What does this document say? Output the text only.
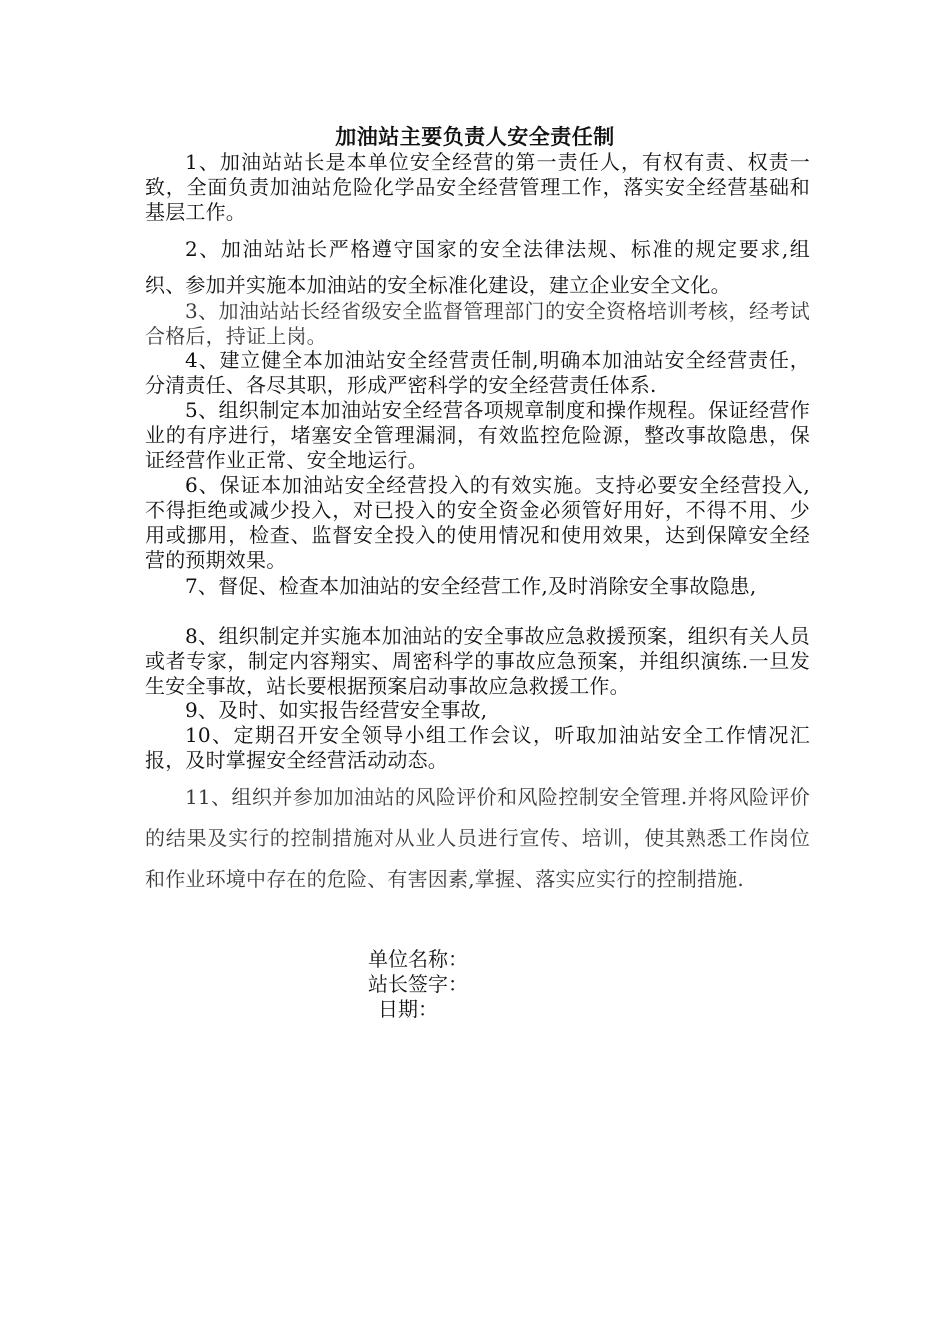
加油站主要负责人安全责任制
1、加油站站长是本单位安全经营的第一责任人，有权有责、权责一致，全面负责加油站危险化学品安全经营管理工作，落实安全经营基础和基层工作。
2、加油站站长严格遵守国家的安全法律法规、标准的规定要求,组织、参加并实施本加油站的安全标准化建设，建立企业安全文化。
3、加油站站长经省级安全监督管理部门的安全资格培训考核，经考试合格后，持证上岗。
4、建立健全本加油站安全经营责任制,明确本加油站安全经营责任，分清责任、各尽其职，形成严密科学的安全经营责任体系.
5、组织制定本加油站安全经营各项规章制度和操作规程。保证经营作业的有序进行，堵塞安全管理漏洞，有效监控危险源，整改事故隐患，保证经营作业正常、安全地运行。
6、保证本加油站安全经营投入的有效实施。支持必要安全经营投入,不得拒绝或减少投入，对已投入的安全资金必须管好用好，不得不用、少用或挪用，检查、监督安全投入的使用情况和使用效果，达到保障安全经营的预期效果。
7、督促、检查本加油站的安全经营工作,及时消除安全事故隐患,
8、组织制定并实施本加油站的安全事故应急救援预案，组织有关人员或者专家，制定内容翔实、周密科学的事故应急预案，并组织演练.一旦发生安全事故，站长要根据预案启动事故应急救援工作。
9、及时、如实报告经营安全事故,
10、定期召开安全领导小组工作会议，听取加油站安全工作情况汇报，及时掌握安全经营活动动态。
11、组织并参加加油站的风险评价和风险控制安全管理.并将风险评价的结果及实行的控制措施对从业人员进行宣传、培训，使其熟悉工作岗位和作业环境中存在的危险、有害因素,掌握、落实应实行的控制措施.
单位名称：
站长签字：
日期：
